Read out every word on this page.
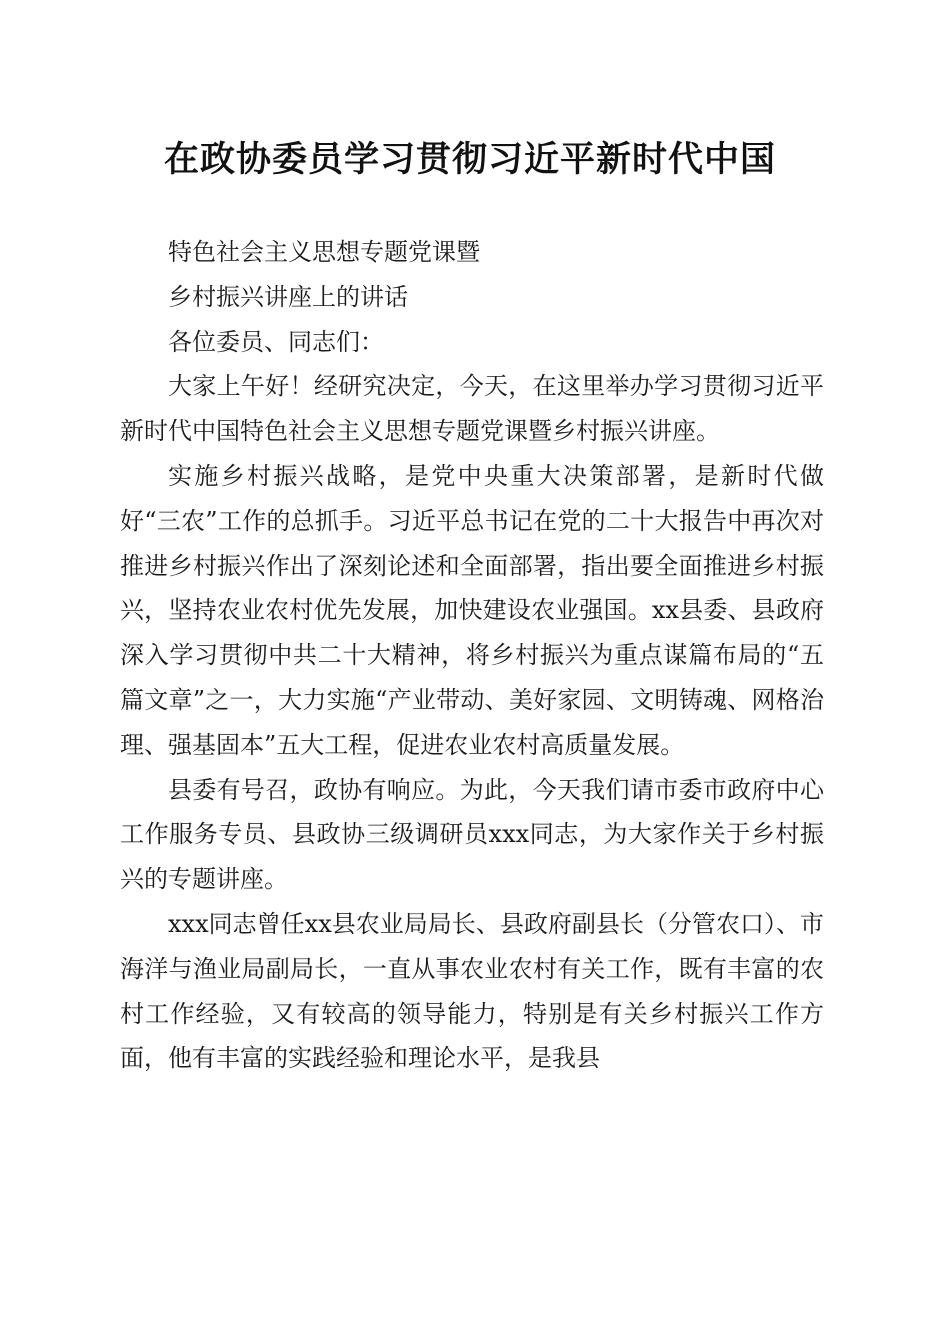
在政协委员学习贯彻习近平新时代中国

特色社会主义思想专题党课暨

乡村振兴讲座上的讲话

各位委员、同志们：

大家上午好！经研究决定，今天，在这里举办学习贯彻习近平新时代中国特色社会主义思想专题党课暨乡村振兴讲座。

实施乡村振兴战略，是党中央重大决策部署，是新时代做好“三农”工作的总抓手。习近平总书记在党的二十大报告中再次对推进乡村振兴作出了深刻论述和全面部署，指出要全面推进乡村振兴，坚持农业农村优先发展，加快建设农业强国。xx县委、县政府深入学习贯彻中共二十大精神，将乡村振兴为重点谋篇布局的“五篇文章”之一，大力实施“产业带动、美好家园、文明铸魂、网格治理、强基固本”五大工程，促进农业农村高质量发展。

县委有号召，政协有响应。为此，今天我们请市委市政府中心工作服务专员、县政协三级调研员xxx同志，为大家作关于乡村振兴的专题讲座。

xxx同志曾任xx县农业局局长、县政府副县长（分管农口）、市海洋与渔业局副局长，一直从事农业农村有关工作，既有丰富的农村工作经验，又有较高的领导能力，特别是有关乡村振兴工作方面，他有丰富的实践经验和理论水平，是我县
